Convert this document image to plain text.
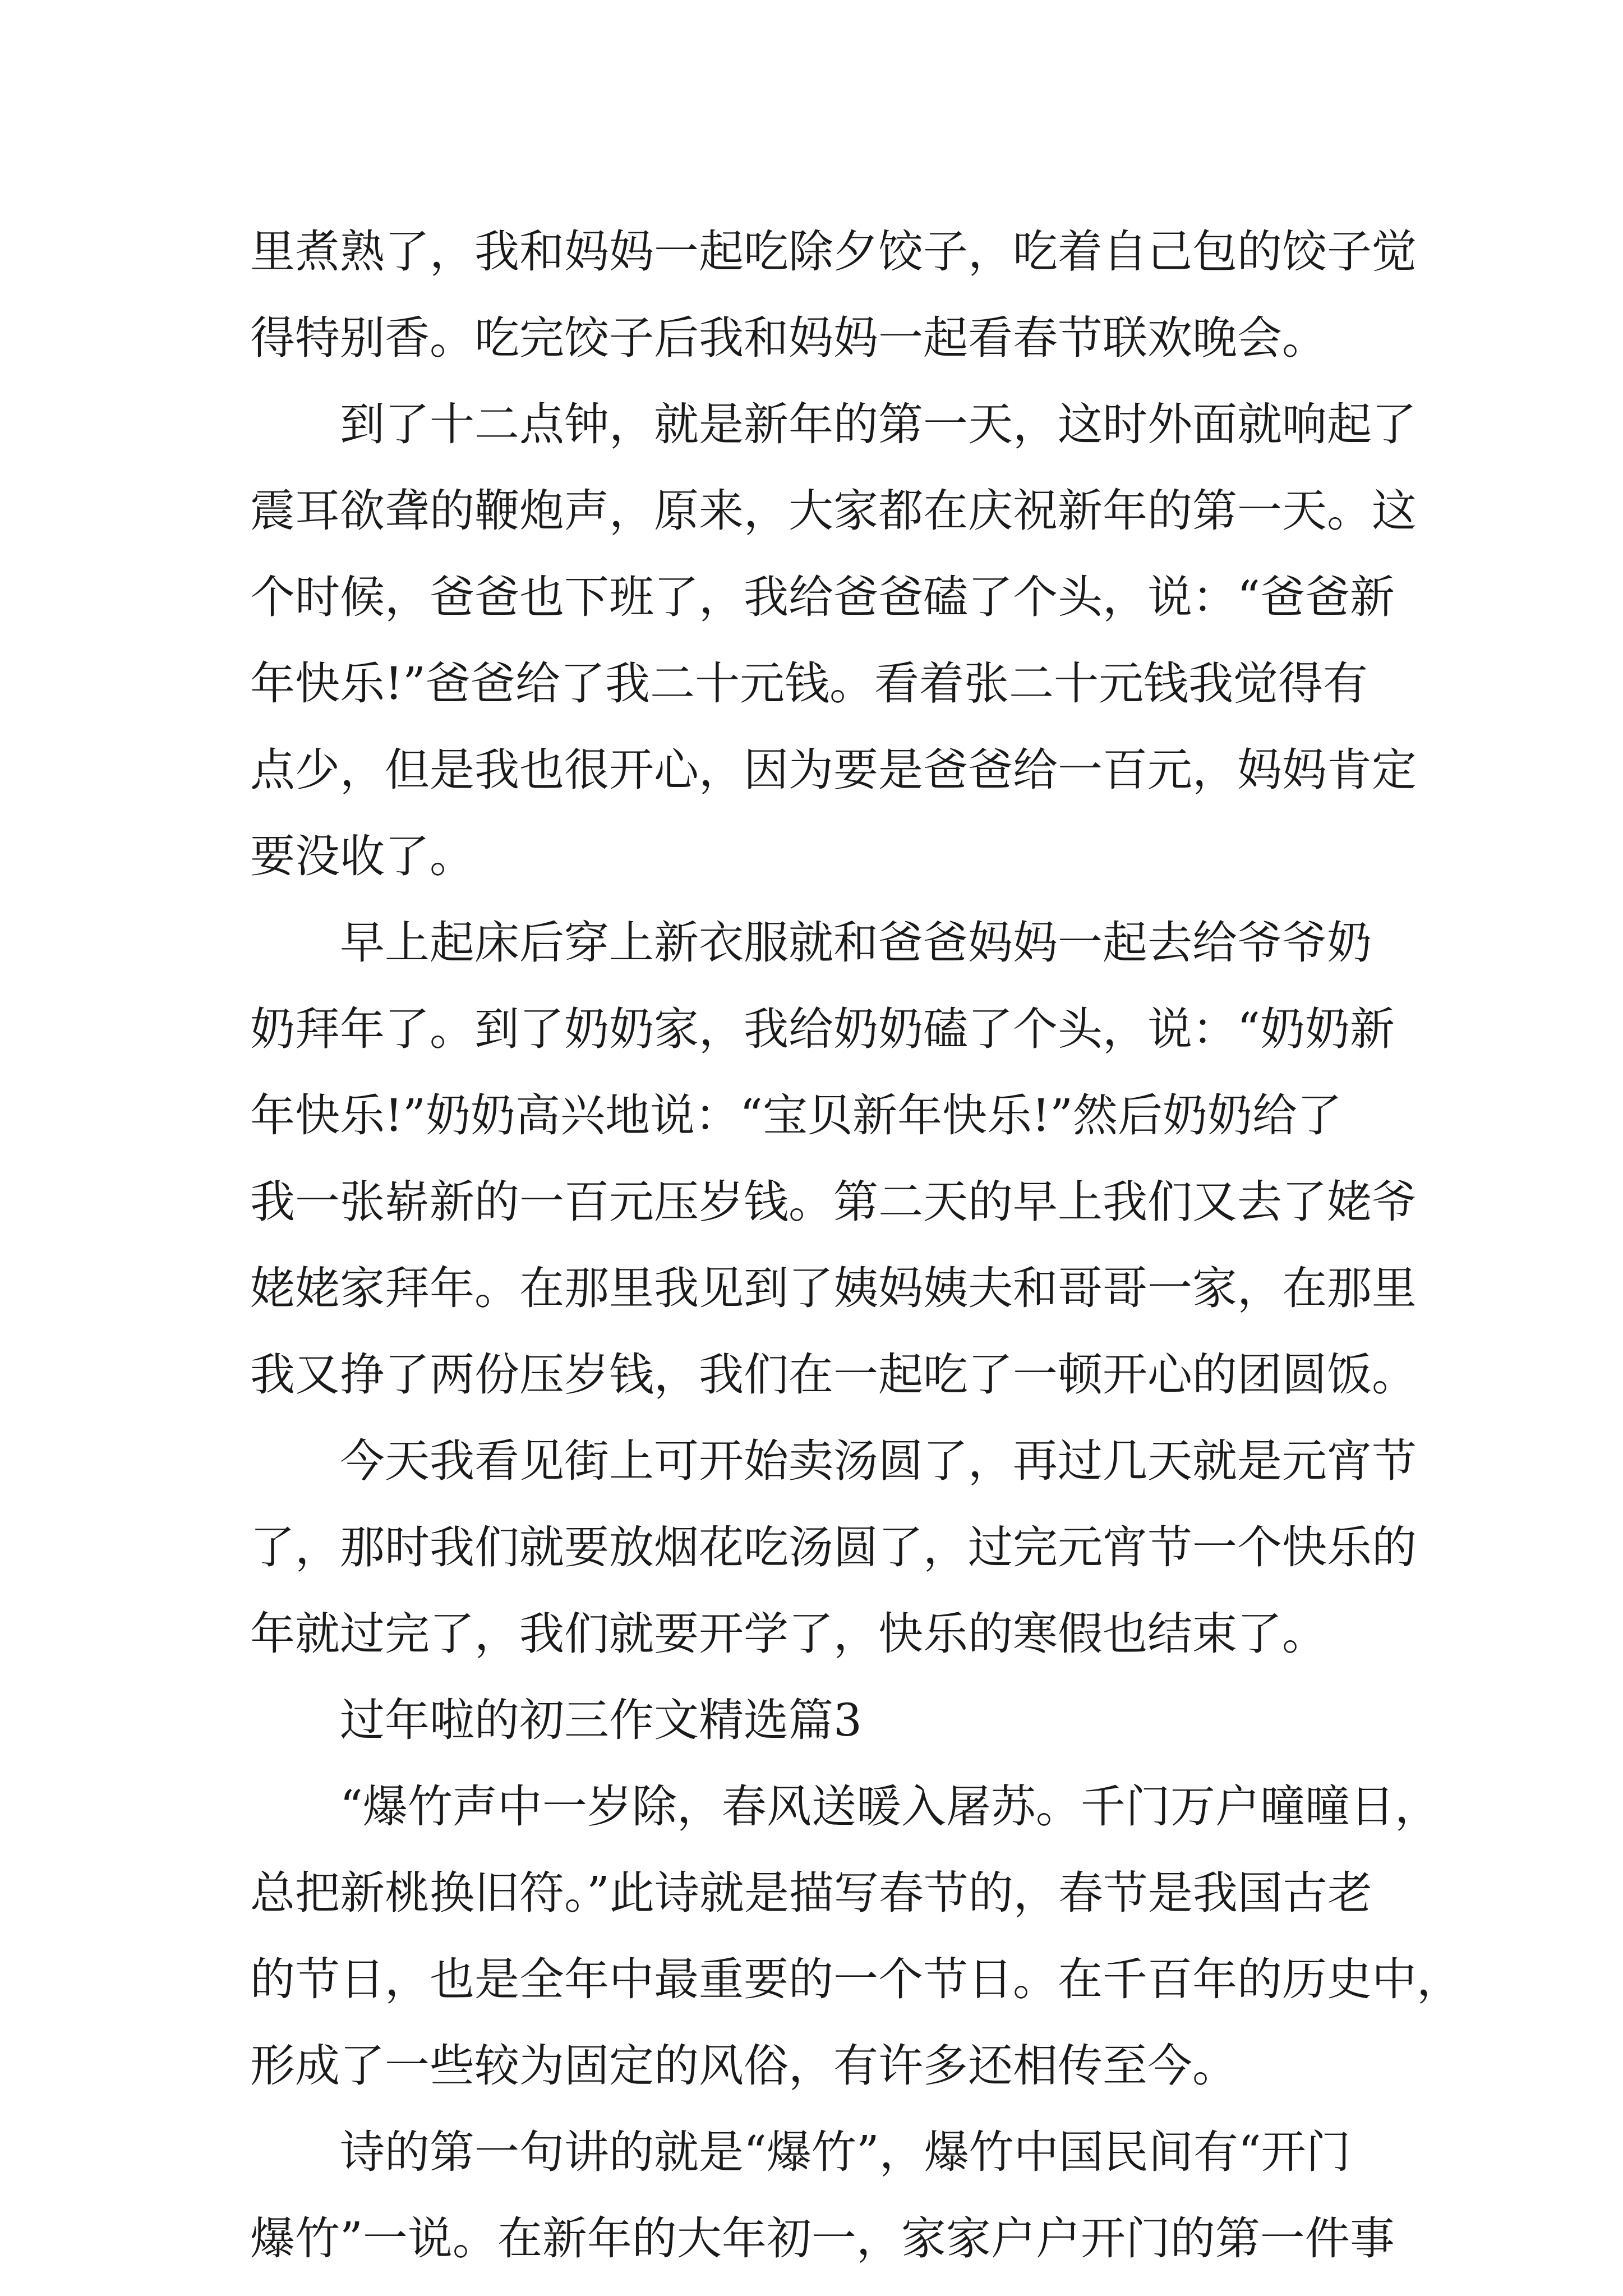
里煮熟了，我和妈妈一起吃除夕饺子，吃着自己包的饺子觉
得特别香。吃完饺子后我和妈妈一起看春节联欢晚会。
到了十二点钟，就是新年的第一天，这时外面就响起了
震耳欲聋的鞭炮声，原来，大家都在庆祝新年的第一天。这
个时候，爸爸也下班了，我给爸爸磕了个头，说：“爸爸新
年快乐!”爸爸给了我二十元钱。看着张二十元钱我觉得有
点少，但是我也很开心，因为要是爸爸给一百元，妈妈肯定
要没收了。
早上起床后穿上新衣服就和爸爸妈妈一起去给爷爷奶
奶拜年了。到了奶奶家，我给奶奶磕了个头，说：“奶奶新
年快乐!”奶奶高兴地说：“宝贝新年快乐!”然后奶奶给了
我一张崭新的一百元压岁钱。第二天的早上我们又去了姥爷
姥姥家拜年。在那里我见到了姨妈姨夫和哥哥一家，在那里
我又挣了两份压岁钱，我们在一起吃了一顿开心的团圆饭。
今天我看见街上可开始卖汤圆了，再过几天就是元宵节
了，那时我们就要放烟花吃汤圆了，过完元宵节一个快乐的
年就过完了，我们就要开学了，快乐的寒假也结束了。
过年啦的初三作文精选篇3
“爆竹声中一岁除，春风送暖入屠苏。千门万户曈曈日，
总把新桃换旧符。”此诗就是描写春节的，春节是我国古老
的节日，也是全年中最重要的一个节日。在千百年的历史中，
形成了一些较为固定的风俗，有许多还相传至今。
诗的第一句讲的就是“爆竹”，爆竹中国民间有“开门
爆竹”一说。在新年的大年初一，家家户户开门的第一件事
